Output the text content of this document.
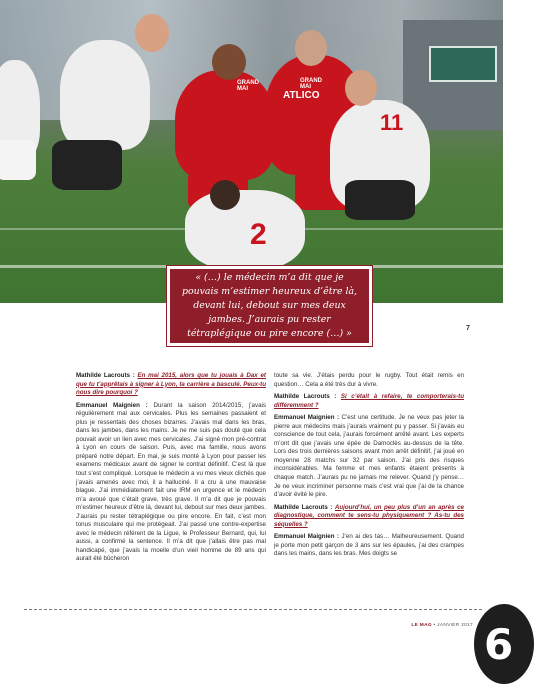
ATLICO
GRAND
MAI
GRAND
MAI
2
11

« (…) le médecin m’a dit que je pouvais m’estimer heureux d’être là, devant lui, debout sur mes deux jambes. J’aurais pu rester tétraplégique ou pire encore (…) »	7

Mathilde Lacrouts : En mai 2015, alors que tu jouais à Dax et que tu t’apprêtais à signer à Lyon, ta carrière a basculé. Peux-tu nous dire pourquoi ?

Emmanuel Maignien : Durant la saison 2014/2015, j’avais régulièrement mal aux cervicales. Plus les semaines passaient et plus je ressentais des choses bizarres. J’avais mal dans les bras, dans les jambes, dans les mains. Je ne me suis pas douté que cela pouvait avoir un lien avec mes cervicales. J’ai signé mon pré-contrat à Lyon en cours de saison. Puis, avec ma famille, nous avons préparé notre départ. En mai, je suis monté à Lyon pour passer les examens médicaux avant de signer le contrat définitif. C’est là que tout s’est compliqué. Lorsque le médecin a vu mes vieux clichés que j’avais amenés avec moi, il a halluciné. Il a cru à une mauvaise blague. J’ai immédiatement fait une IRM en urgence et le médecin m’a avoué que c’était grave, très grave. Il m’a dit que je pouvais m’estimer heureux d’être là, devant lui, debout sur mes deux jambes. J’aurais pu rester tétraplégique ou pire encore. En fait, c’est mon tonus musculaire qui me protégeait. J’ai passé une contre-expertise avec le médecin référent de la Ligue, le Professeur Bernard, qui, lui aussi, a confirmé la sentence. Il m’a dit que j’allais être pas mal handicapé, que j’avais la moelle d’un vieil homme de 89 ans qui aurait été bûcheron

toute sa vie. J’étais perdu pour le rugby. Tout était remis en question… Cela a été très dur à vivre.

Mathilde Lacrouts : Si c’était à refaire, te comporterais-tu différemment ?

Emmanuel Maignien : C’est une certitude. Je ne veux pas jeter la pierre aux médecins mais j’aurais vraiment pu y passer. Si j’avais eu conscience de tout cela, j’aurais forcément arrêté avant. Les experts m’ont dit que j’avais une épée de Damoclès au-dessus de la tête. Lors des trois dernières saisons avant mon arrêt définitif, j’ai joué en moyenne 28 matchs sur 32 par saison. J’ai pris des risques inconsidérables. Ma femme et mes enfants étaient présents à chaque match. J’aurais pu ne jamais me relever. Quand j’y pense… Je ne veux incriminer personne mais c’est vrai que j’ai de la chance d’avoir évité le pire.

Mathilde Lacrouts : Aujourd’hui, un peu plus d’un an après ce diagnostique, comment te sens-tu physiquement ? As-tu des séquelles ?

Emmanuel Maignien : J’en ai des tas… Malheureusement. Quand je porte mon petit garçon de 3 ans sur les épaules, j’ai des crampes dans les mains, dans les bras. Mes doigts se

LE MAG • JANVIER 2017 6
